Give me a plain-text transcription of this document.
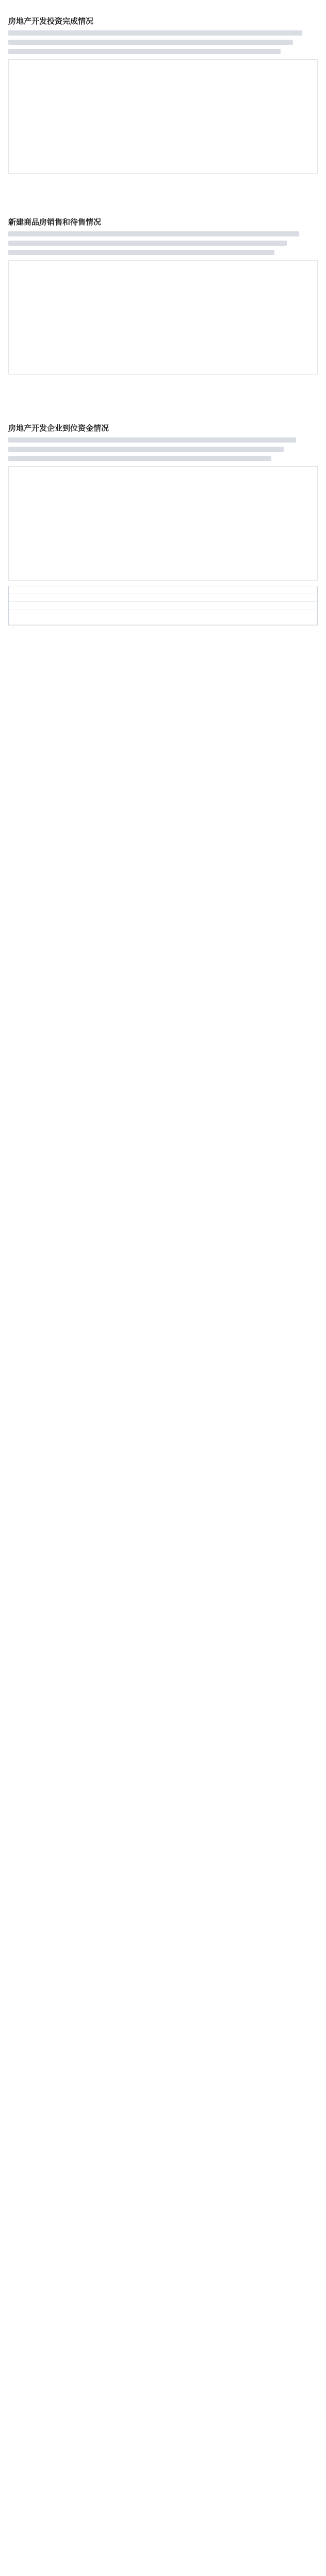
房地产开发投资完成情况
新建商品房销售和待售情况
房地产开发企业到位资金情况
